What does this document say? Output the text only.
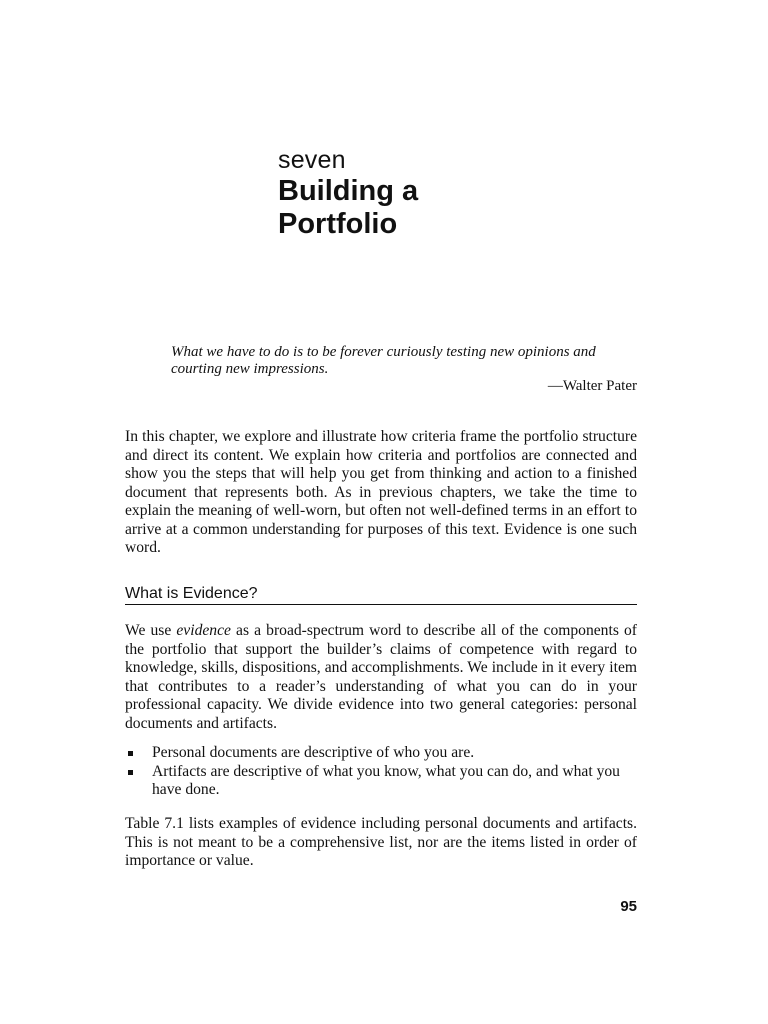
seven
Building a
Portfolio
What we have to do is to be forever curiously testing new opinions and courting new impressions.
—Walter Pater

In this chapter, we explore and illustrate how criteria frame the portfolio structure and direct its content. We explain how criteria and portfolios are connected and show you the steps that will help you get from thinking and action to a finished document that represents both. As in previous chapters, we take the time to explain the meaning of well-worn, but often not well-defined terms in an effort to arrive at a common understanding for purposes of this text. Evidence is one such word.

What is Evidence?

We use evidence as a broad-spectrum word to describe all of the components of the portfolio that support the builder’s claims of competence with regard to knowledge, skills, dispositions, and accomplishments. We include in it every item that contributes to a reader’s understanding of what you can do in your professional capacity. We divide evidence into two general categories: personal documents and artifacts.

Personal documents are descriptive of who you are.
Artifacts are descriptive of what you know, what you can do, and what you have done.

Table 7.1 lists examples of evidence including personal documents and artifacts. This is not meant to be a comprehensive list, nor are the items listed in order of importance or value.

95
